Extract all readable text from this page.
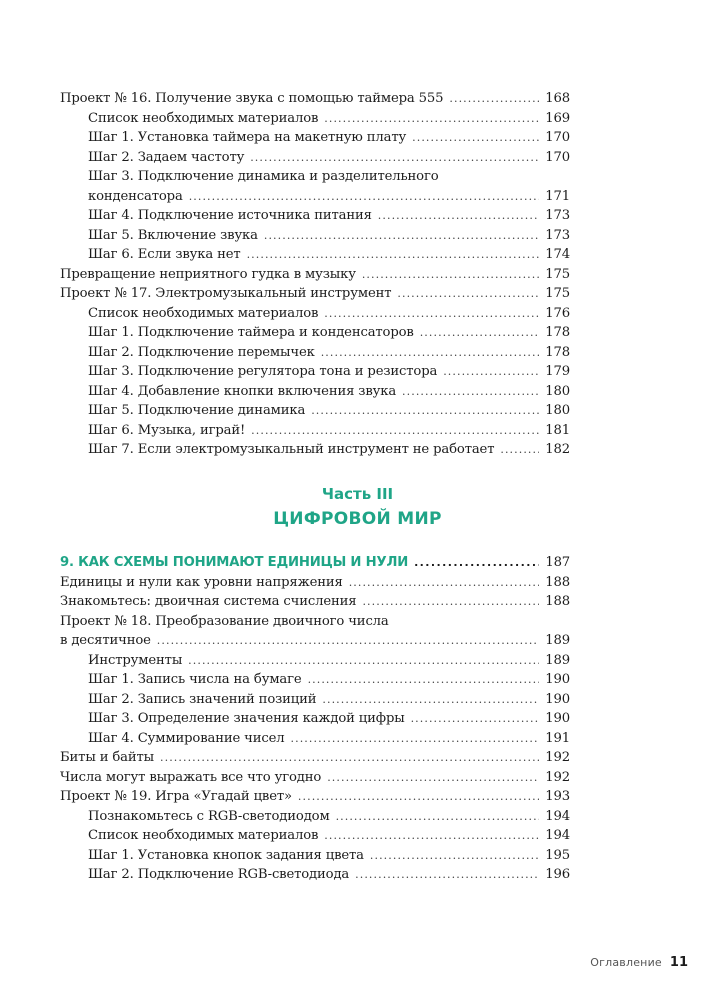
Проект № 16. Получение звука с помощью таймера 555 . . .	168
Список необходимых материалов . . .	169
Шаг 1. Установка таймера на макетную плату . . .	170
Шаг 2. Задаем частоту . . .	170
Шаг 3. Подключение динамика и разделительного
конденсатора . . .	171
Шаг 4. Подключение источника питания . . .	173
Шаг 5. Включение звука . . .	173
Шаг 6. Если звука нет . . .	174
Превращение неприятного гудка в музыку . . .	175
Проект № 17. Электромузыкальный инструмент . . .	175
Список необходимых материалов . . .	176
Шаг 1. Подключение таймера и конденсаторов . . .	178
Шаг 2. Подключение перемычек . . .	178
Шаг 3. Подключение регулятора тона и резистора . . .	179
Шаг 4. Добавление кнопки включения звука . . .	180
Шаг 5. Подключение динамика . . .	180
Шаг 6. Музыка, играй! . . .	181
Шаг 7. Если электромузыкальный инструмент не работает . . .	182
Часть III
ЦИФРОВОЙ МИР
9. КАК СХЕМЫ ПОНИМАЮТ ЕДИНИЦЫ И НУЛИ . . .	187
Единицы и нули как уровни напряжения . . .	188
Знакомьтесь: двоичная система счисления . . .	188
Проект № 18. Преобразование двоичного числа
в десятичное . . .	189
Инструменты . . .	189
Шаг 1. Запись числа на бумаге . . .	190
Шаг 2. Запись значений позиций . . .	190
Шаг 3. Определение значения каждой цифры . . .	190
Шаг 4. Суммирование чисел . . .	191
Биты и байты . . .	192
Числа могут выражать все что угодно . . .	192
Проект № 19. Игра «Угадай цвет» . . .	193
Познакомьтесь с RGB-светодиодом . . .	194
Список необходимых материалов . . .	194
Шаг 1. Установка кнопок задания цвета . . .	195
Шаг 2. Подключение RGB-светодиода . . .	196
Оглавление 11
